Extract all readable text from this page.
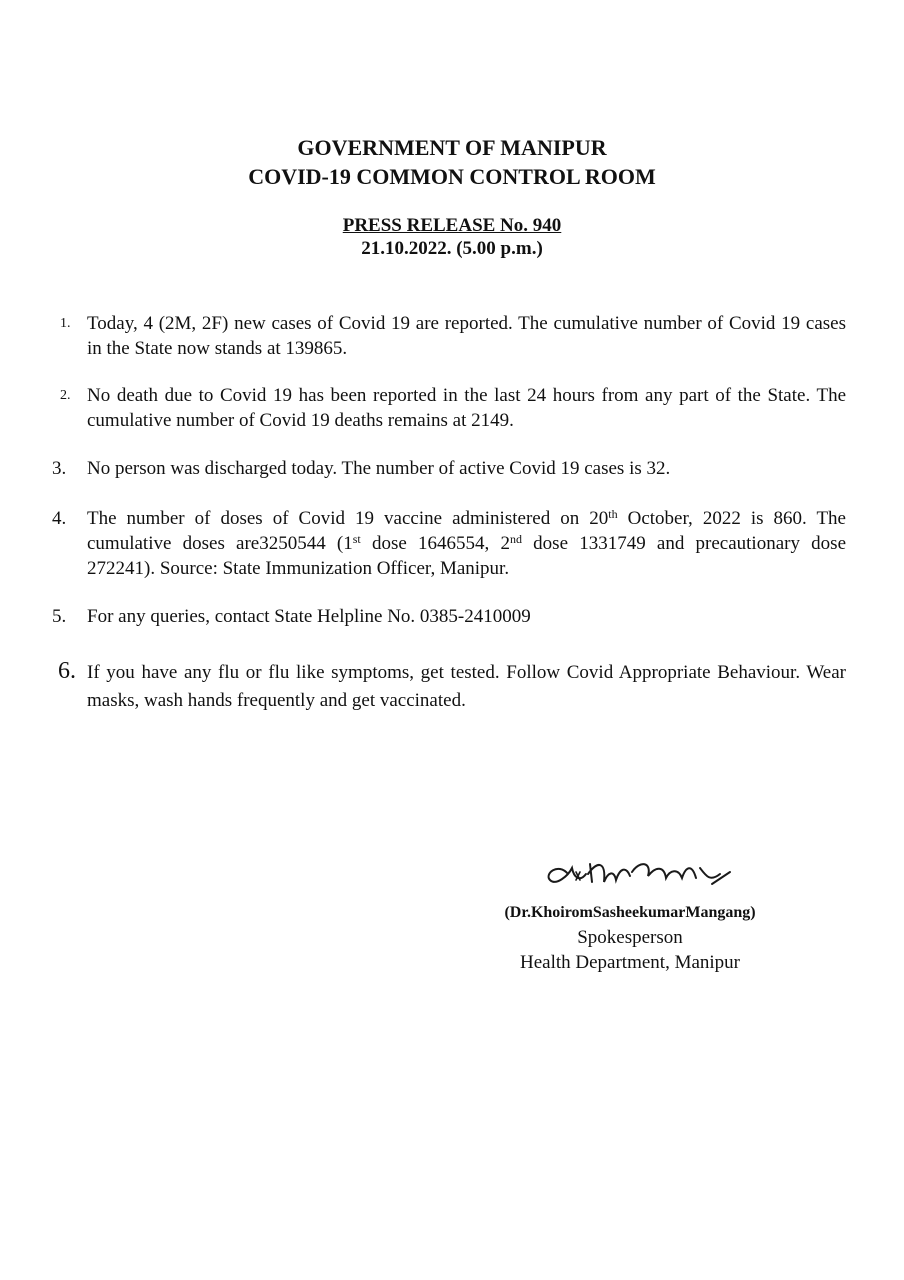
GOVERNMENT OF MANIPUR
COVID-19 COMMON CONTROL ROOM
PRESS RELEASE No. 940
21.10.2022. (5.00 p.m.)
1. Today, 4 (2M, 2F) new cases of Covid 19 are reported. The cumulative number of Covid 19 cases in the State now stands at 139865.
2. No death due to Covid 19 has been reported in the last 24 hours from any part of the State. The cumulative number of Covid 19 deaths remains at 2149.
3.	No person was discharged today. The number of active Covid 19 cases is 32.
4.	The number of doses of Covid 19 vaccine administered on 20th October, 2022 is 860. The cumulative doses are3250544 (1st dose 1646554, 2nd dose 1331749 and precautionary dose 272241). Source: State Immunization Officer, Manipur.
5.	For any queries, contact State Helpline No. 0385-2410009
6. If you have any flu or flu like symptoms, get tested. Follow Covid Appropriate Behaviour. Wear masks, wash hands frequently and get vaccinated.
(Dr.KhoiromSasheekumarMangang)
Spokesperson
Health Department, Manipur
